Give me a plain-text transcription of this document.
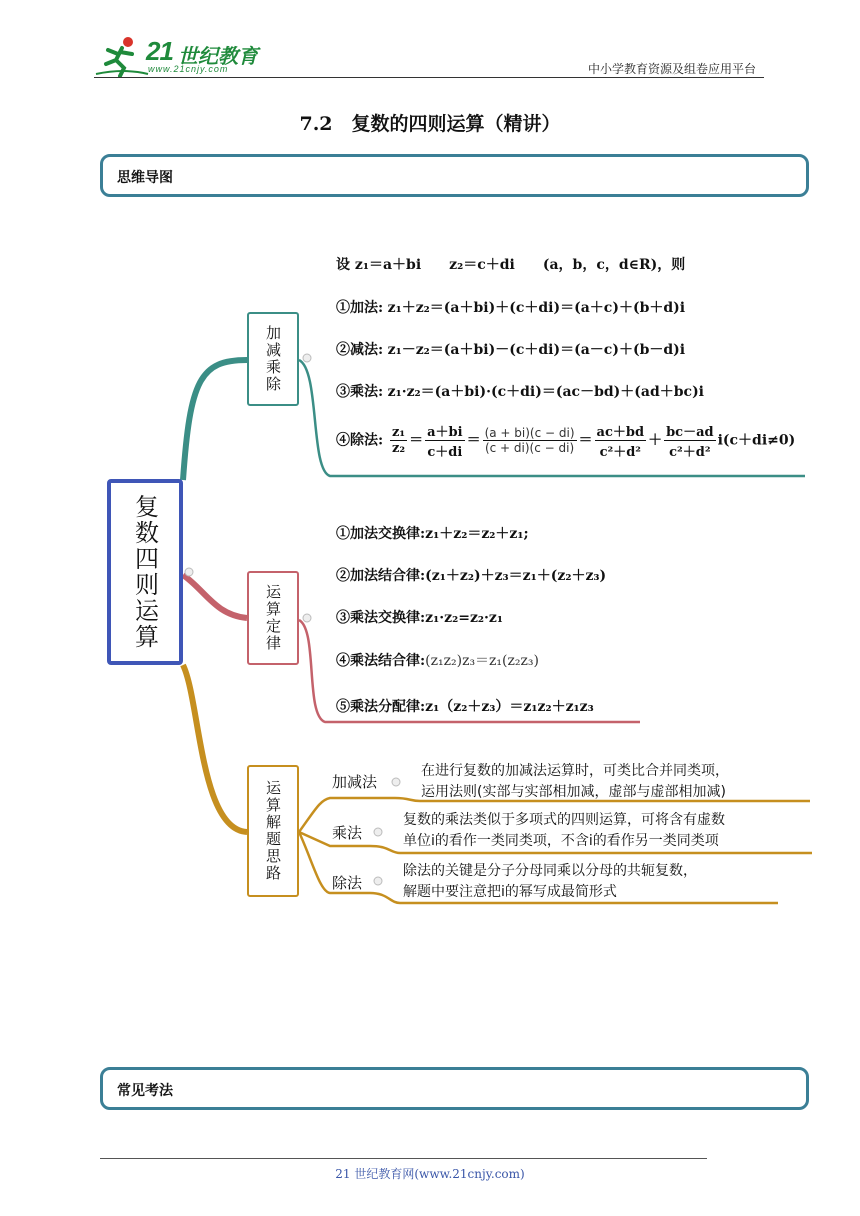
21 世纪教育
www.21cnjy.com	中小学教育资源及组卷应用平台
7.2　复数的四则运算（精讲）
思维导图
复数四则运算
加减乘除
设 z₁＝a＋bi　　z₂＝c＋di　　(a，b，c，d∈R)，则
①加法: z₁＋z₂＝(a＋bi)＋(c＋di)＝(a＋c)＋(b＋d)i
②减法: z₁－z₂＝(a＋bi)－(c＋di)＝(a－c)＋(b－d)i
③乘法: z₁·z₂＝(a＋bi)·(c＋di)＝(ac－bd)＋(ad＋bc)i
④除法: $\frac{\text{z₁}}{\text{z₂}} = \frac{a+bi}{c+di} = \frac{(a + bi)(c - di)}{(c + di)(c - di)} = \frac{ac+bd}{\text{c²＋d²}} + \frac{bc-ad}{\text{c²＋d²}} i(c+di\ne 0)$
运算定律
①加法交换律:z₁＋z₂＝z₂＋z₁;
②加法结合律:(z₁＋z₂)＋z₃＝z₁＋(z₂＋z₃)
③乘法交换律:z₁·z₂=z₂·z₁
④乘法结合律:(z₁z₂)z₃＝z₁(z₂z₃)
⑤乘法分配律:z₁（z₂＋z₃）＝z₁z₂＋z₁z₃
运算解题思路	加减法
在进行复数的加减法运算时，可类比合并同类项，
运用法则(实部与实部相加减，虚部与虚部相加减)
乘法
复数的乘法类似于多项式的四则运算，可将含有虚数
单位i的看作一类同类项，不含i的看作另一类同类项
除法
除法的关键是分子分母同乘以分母的共轭复数，
解题中要注意把i的幂写成最简形式
常见考法
21 世纪教育网(www.21cnjy.com)
